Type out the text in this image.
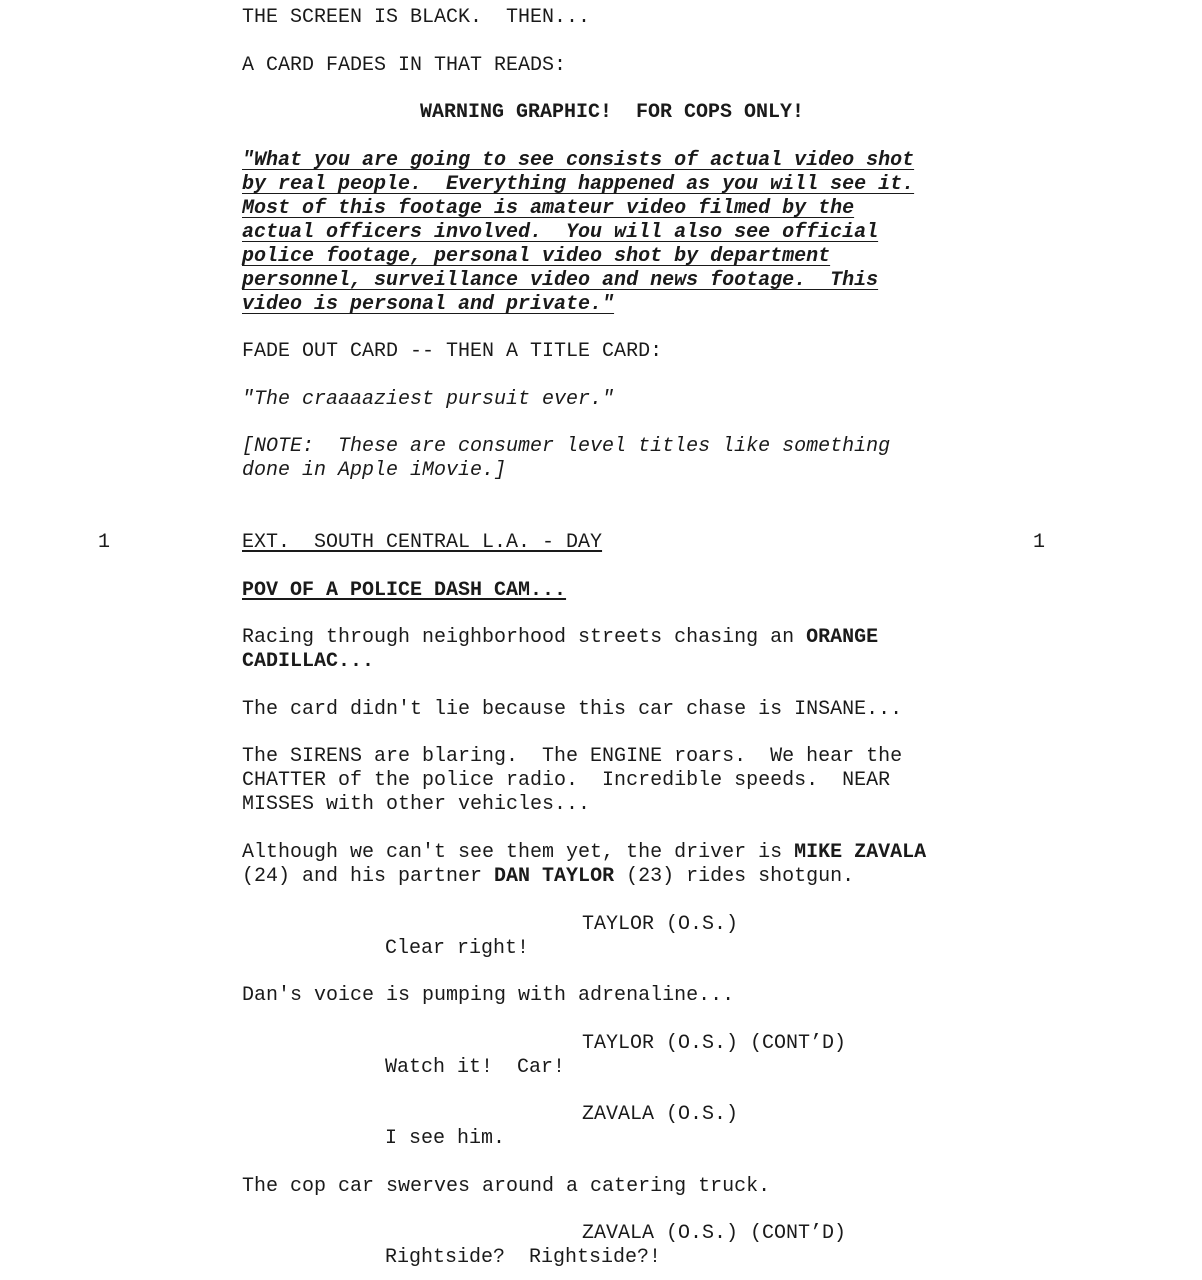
THE SCREEN IS BLACK.  THEN...
A CARD FADES IN THAT READS:
WARNING GRAPHIC!  FOR COPS ONLY!
"What you are going to see consists of actual video shot
by real people.  Everything happened as you will see it.
Most of this footage is amateur video filmed by the
actual officers involved.  You will also see official
police footage, personal video shot by department
personnel, surveillance video and news footage.  This
video is personal and private."
FADE OUT CARD -- THEN A TITLE CARD:
"The craaaaziest pursuit ever."
[NOTE:  These are consumer level titles like something
done in Apple iMovie.]
1	EXT.  SOUTH CENTRAL L.A. - DAY	1
POV OF A POLICE DASH CAM...
Racing through neighborhood streets chasing an ORANGE
CADILLAC...
The card didn't lie because this car chase is INSANE...
The SIRENS are blaring.  The ENGINE roars.  We hear the
CHATTER of the police radio.  Incredible speeds.  NEAR
MISSES with other vehicles...
Although we can't see them yet, the driver is MIKE ZAVALA
(24) and his partner DAN TAYLOR (23) rides shotgun.
TAYLOR (O.S.)
Clear right!
Dan's voice is pumping with adrenaline...
TAYLOR (O.S.) (CONT’D)
Watch it!  Car!
ZAVALA (O.S.)
I see him.
The cop car swerves around a catering truck.
ZAVALA (O.S.) (CONT’D)
Rightside?  Rightside?!
